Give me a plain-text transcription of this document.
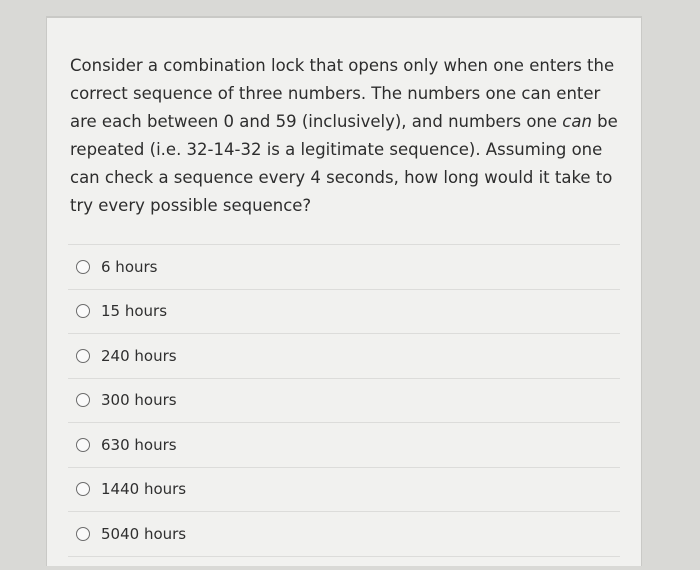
Consider a combination lock that opens only when one enters the correct sequence of three numbers. The numbers one can enter are each between 0 and 59 (inclusively), and numbers one can be repeated (i.e. 32-14-32 is a legitimate sequence). Assuming one can check a sequence every 4 seconds, how long would it take to try every possible sequence?

6 hours
15 hours
240 hours
300 hours
630 hours
1440 hours
5040 hours
